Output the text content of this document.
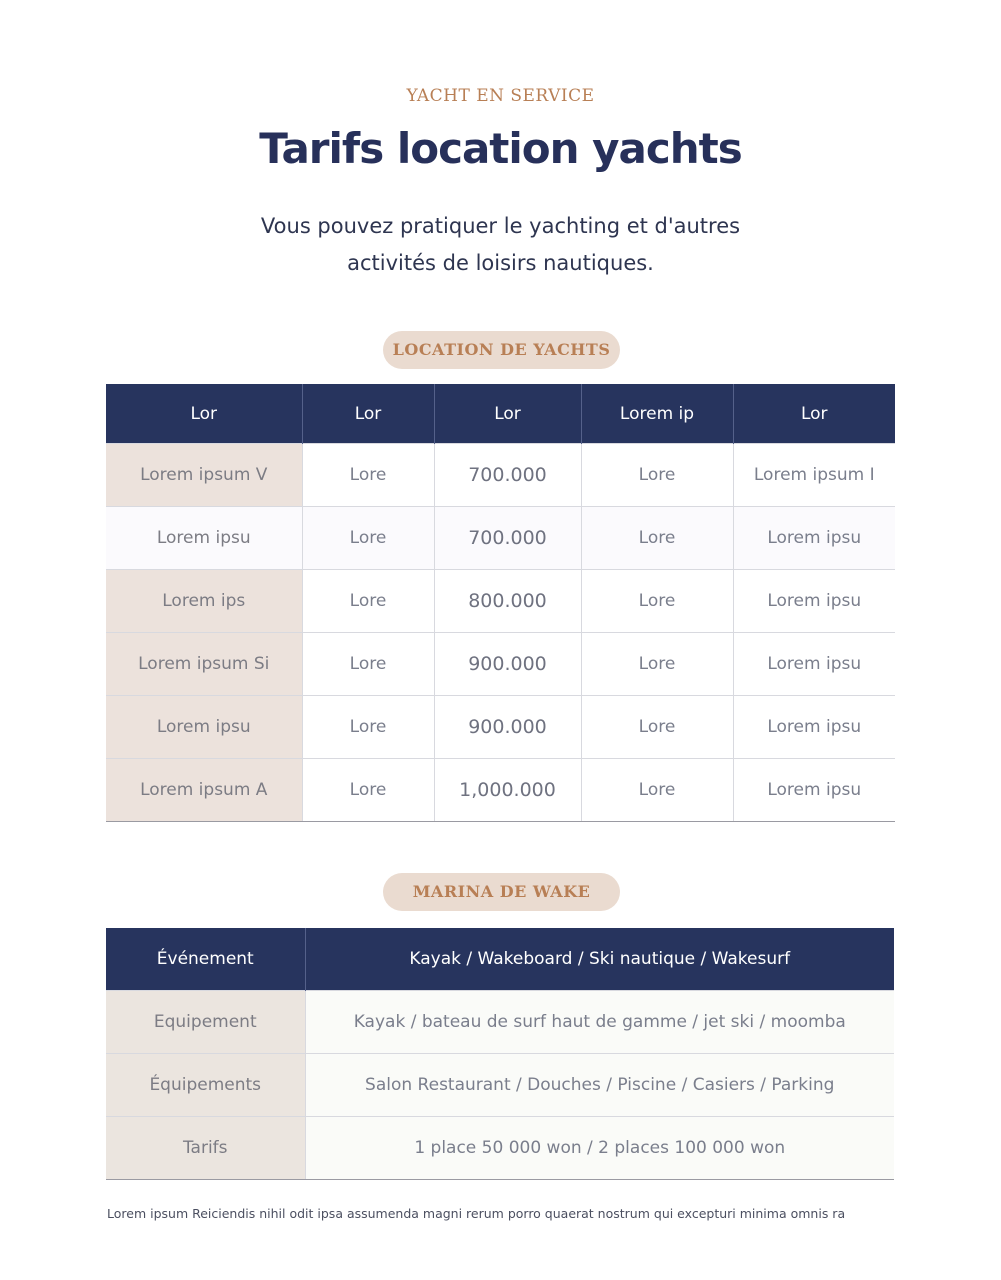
YACHT EN SERVICE
Tarifs location yachts
Vous pouvez pratiquer le yachting et d'autres
activités de loisirs nautiques.
LOCATION DE YACHTS
Lor	Lor	Lor	Lorem ip	Lor
Lorem ipsum V	Lore	700.000	Lore	Lorem ipsum I
Lorem ipsu	Lore	700.000	Lore	Lorem ipsu
Lorem ips	Lore	800.000	Lore	Lorem ipsu
Lorem ipsum Si	Lore	900.000	Lore	Lorem ipsu
Lorem ipsu	Lore	900.000	Lore	Lorem ipsu
Lorem ipsum A	Lore	1,000.000	Lore	Lorem ipsu
MARINA DE WAKE
Événement	Kayak / Wakeboard / Ski nautique / Wakesurf
Equipement	Kayak / bateau de surf haut de gamme / jet ski / moomba
Équipements	Salon Restaurant / Douches / Piscine / Casiers / Parking
Tarifs	1 place 50 000 won / 2 places 100 000 won
Lorem ipsum Reiciendis nihil odit ipsa assumenda magni rerum porro quaerat nostrum qui excepturi minima omnis ra
